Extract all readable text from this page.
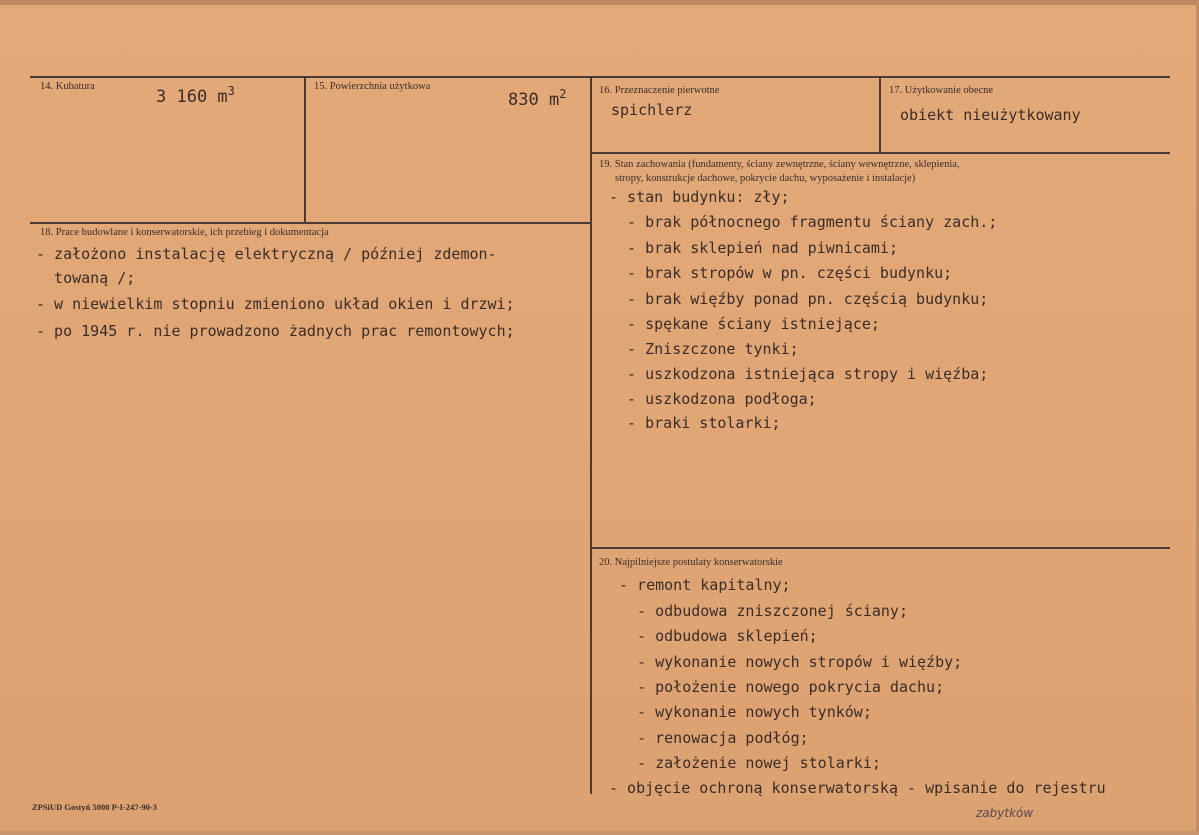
14. Kubatura
3 160 $m^3$	15. Powierzchnia użytkowa
830 $m^2$	16. Przeznaczenie pierwotne
spichlerz
17. Użytkowanie obecne
obiekt nieużytkowany
18. Prace budowlane i konserwatorskie, ich przebieg i dokumentacja
- założono instalację elektryczną / później zdemon-
towaną /;
- w niewielkim stopniu zmieniono układ okien i drzwi;
- po 1945 r. nie prowadzono żadnych prac remontowych;
19. Stan zachowania (fundamenty, ściany zewnętrzne, ściany wewnętrzne, sklepienia,
stropy, konstrukcje dachowe, pokrycie dachu, wyposażenie i instalacje)
- stan budynku: zły;
- brak północnego fragmentu ściany zach.;
- brak sklepień nad piwnicami;
- brak stropów w pn. części budynku;
- brak więźby ponad pn. częścią budynku;
- spękane ściany istniejące;
- Zniszczone tynki;
- uszkodzona istniejąca stropy i więźba;
- uszkodzona podłoga;
- braki stolarki;
20. Najpilniejsze postulaty konserwatorskie
- remont kapitalny;
- odbudowa zniszczonej ściany;
- odbudowa sklepień;
- wykonanie nowych stropów i więźby;
- położenie nowego pokrycia dachu;
- wykonanie nowych tynków;
- renowacja podłóg;
- założenie nowej stolarki;
- objęcie ochroną konserwatorską - wpisanie do rejestru
zabytków
ZPSiUD Gostyń 5000 P-I-247-90-3
